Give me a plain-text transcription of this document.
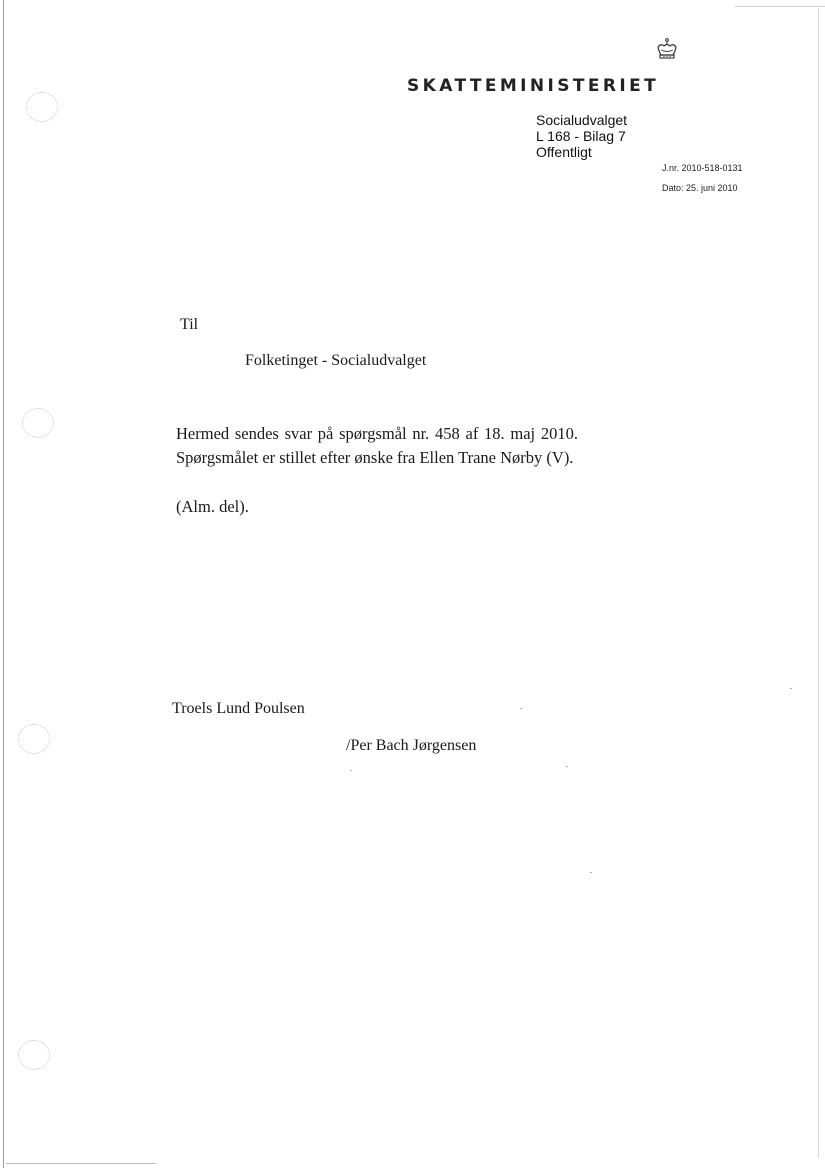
SKATTEMINISTERIET
Socialudvalget
L 168 - Bilag 7
Offentligt
J.nr. 2010-518-0131
Dato: 25. juni 2010
Til
Folketinget - Socialudvalget
Hermed sendes svar på spørgsmål nr. 458 af 18. maj 2010. Spørgsmålet er stillet efter ønske fra Ellen Trane Nørby (V).
(Alm. del).
Troels Lund Poulsen
/Per Bach Jørgensen
